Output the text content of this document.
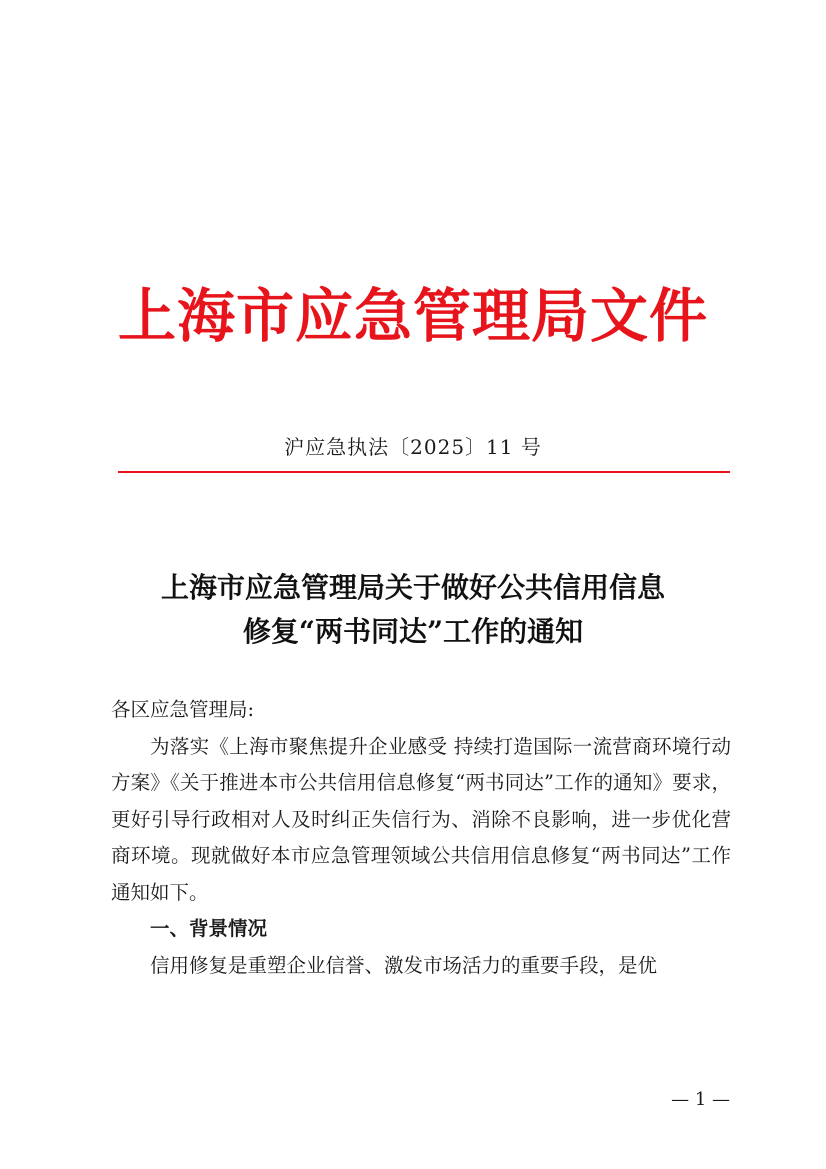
上海市应急管理局文件
沪应急执法〔2025〕11 号
上海市应急管理局关于做好公共信用信息
修复“两书同达”工作的通知

各区应急管理局:

为落实《上海市聚焦提升企业感受 持续打造国际一流营商环境行动方案》《关于推进本市公共信用信息修复“两书同达”工作的通知》要求，更好引导行政相对人及时纠正失信行为、消除不良影响，进一步优化营商环境。现就做好本市应急管理领域公共信用信息修复“两书同达”工作通知如下。

一、背景情况

信用修复是重塑企业信誉、激发市场活力的重要手段，是优

— 1 —
